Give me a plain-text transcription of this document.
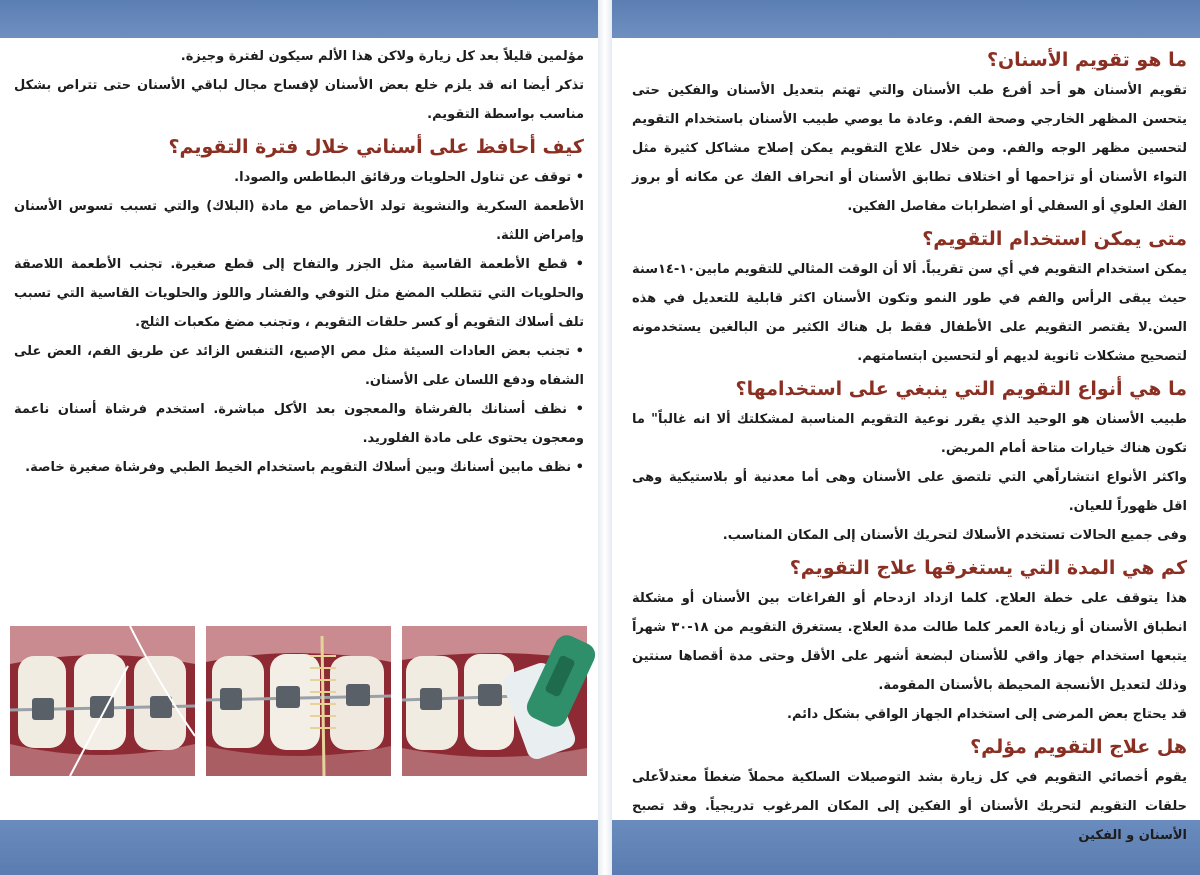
مؤلمين قليلاً بعد كل زيارة ولاكن هذا الألم سيكون لفترة وجيزة.

تذكر أيضا انه قد يلزم خلع بعض الأسنان لإفساح مجال لباقي الأسنان حتى تتراص بشكل مناسب بواسطة التقويم.

كيف أحافظ على أسناني خلال فترة التقويم؟

• توقف عن تناول الحلويات ورقائق البطاطس والصودا.
الأطعمة السكرية والنشوية تولد الأحماض مع مادة (البلاك) والتي تسبب تسوس الأسنان وإمراض اللثة.
• قطع الأطعمة القاسية مثل الجزر والتفاح إلى قطع صغيرة. تجنب الأطعمة اللاصقة والحلويات التي تتطلب المضغ مثل التوفي والفشار واللوز والحلويات القاسية التي تسبب تلف أسلاك التقويم أو كسر حلقات التقويم ، وتجنب مضغ مكعبات الثلج.
• تجنب بعض العادات السيئة مثل مص الإصبع، التنفس الزائد عن طريق الفم، العض على الشفاه ودفع اللسان على الأسنان.
• نظف أسنانك بالفرشاة والمعجون بعد الأكل مباشرة. استخدم فرشاة أسنان ناعمة ومعجون يحتوى على مادة الفلوريد.
• نظف مابين أسنانك وبين أسلاك التقويم باستخدام الخيط الطبي وفرشاة صغيرة خاصة.

ما هو تقويم الأسنان؟

تقويم الأسنان هو أحد أفرع طب الأسنان والتي تهتم بتعديل الأسنان والفكين حتى يتحسن المظهر الخارجي وصحة الفم. وعادة ما يوصي طبيب الأسنان باستخدام التقويم لتحسين مظهر الوجه والفم. ومن خلال علاج التقويم يمكن إصلاح مشاكل كثيرة مثل التواء الأسنان أو تزاحمها أو اختلاف تطابق الأسنان أو انحراف الفك عن مكانه أو بروز الفك العلوي أو السفلي أو اضطرابات مفاصل الفكين.

متى يمكن استخدام التقويم؟

يمكن استخدام التقويم في أي سن تقريباً. ألا أن الوقت المثالي للتقويم مابين١٠-١٤سنة حيث يبقى الرأس والفم في طور النمو وتكون الأسنان اكثر قابلية للتعديل في هذه السن.لا يقتصر التقويم على الأطفال فقط بل هناك الكثير من البالغين يستخدمونه لتصحيح مشكلات ثانوية لديهم أو لتحسين ابتسامتهم.

ما هي أنواع التقويم التي ينبغي على استخدامها؟

طبيب الأسنان هو الوحيد الذي يقرر نوعية التقويم المناسبة لمشكلتك ألا انه غالباً" ما تكون هناك خيارات متاحة أمام المريض.

واكثر الأنواع انتشاراًهي التي تلتصق على الأسنان وهى أما معدنية أو بلاستيكية وهى اقل ظهوراً للعيان.

وفى جميع الحالات تستخدم الأسلاك لتحريك الأسنان إلى المكان المناسب.

كم هي المدة التي يستغرقها علاج التقويم؟

هذا يتوقف على خطة العلاج. كلما ازداد ازدحام أو الفراغات بين الأسنان أو مشكلة انطباق الأسنان أو زيادة العمر كلما طالت مدة العلاج. يستغرق التقويم من ١٨-٣٠ شهراً يتبعها استخدام جهاز واقي للأسنان لبضعة أشهر على الأقل وحتى مدة أقصاها سنتين وذلك لتعديل الأنسجة المحيطة بالأسنان المقومة.

قد يحتاج بعض المرضى إلى استخدام الجهاز الواقي بشكل دائم.

هل علاج التقويم مؤلم؟

يقوم أخصائي التقويم في كل زيارة بشد التوصيلات السلكية محملاً ضغطاً معتدلاًعلى حلقات التقويم لتحريك الأسنان أو الفكين إلى المكان المرغوب تدريجياً. وقد تصبح الأسنان و الفكين
